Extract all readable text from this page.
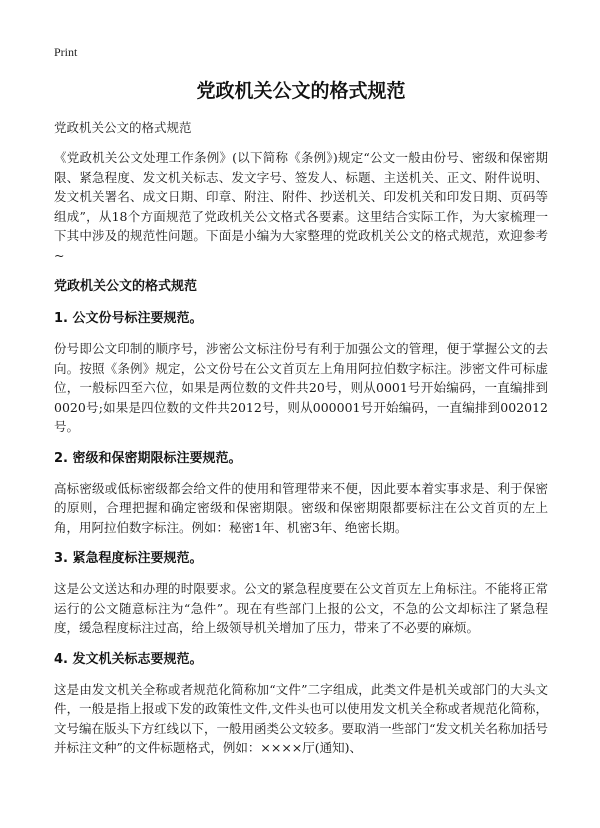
Print
党政机关公文的格式规范
党政机关公文的格式规范

《党政机关公文处理工作条例》(以下简称《条例》)规定“公文一般由份号、密级和保密期限、紧急程度、发文机关标志、发文字号、签发人、标题、主送机关、正文、附件说明、发文机关署名、成文日期、印章、附注、附件、抄送机关、印发机关和印发日期、页码等组成”，从18个方面规范了党政机关公文格式各要素。这里结合实际工作，为大家梳理一下其中涉及的规范性问题。下面是小编为大家整理的党政机关公文的格式规范，欢迎参考~

党政机关公文的格式规范
1. 公文份号标注要规范。

份号即公文印制的顺序号，涉密公文标注份号有利于加强公文的管理，便于掌握公文的去向。按照《条例》规定，公文份号在公文首页左上角用阿拉伯数字标注。涉密文件可标虚位，一般标四至六位，如果是两位数的文件共20号，则从0001号开始编码，一直编排到0020号;如果是四位数的文件共2012号，则从000001号开始编码，一直编排到002012号。

2. 密级和保密期限标注要规范。

高标密级或低标密级都会给文件的使用和管理带来不便，因此要本着实事求是、利于保密的原则，合理把握和确定密级和保密期限。密级和保密期限都要标注在公文首页的左上角，用阿拉伯数字标注。例如：秘密1年、机密3年、绝密长期。

3. 紧急程度标注要规范。

这是公文送达和办理的时限要求。公文的紧急程度要在公文首页左上角标注。不能将正常运行的公文随意标注为“急件”。现在有些部门上报的公文，不急的公文却标注了紧急程度，缓急程度标注过高，给上级领导机关增加了压力，带来了不必要的麻烦。

4. 发文机关标志要规范。

这是由发文机关全称或者规范化简称加“文件”二字组成，此类文件是机关或部门的大头文件，一般是指上报或下发的政策性文件,文件头也可以使用发文机关全称或者规范化简称，文号编在版头下方红线以下，一般用函类公文较多。要取消一些部门“发文机关名称加括号并标注文种”的文件标题格式，例如：××××厅(通知)、
